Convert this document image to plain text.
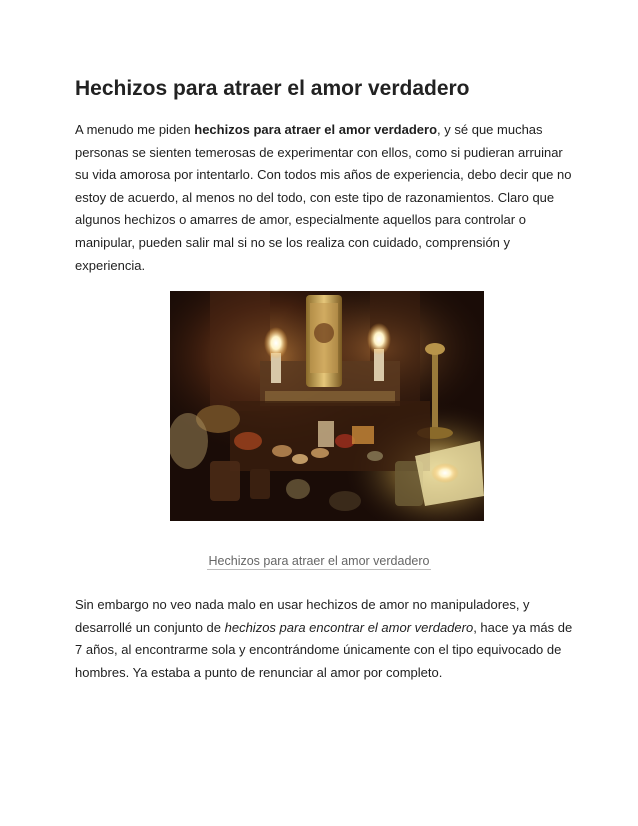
Hechizos para atraer el amor verdadero

A menudo me piden hechizos para atraer el amor verdadero, y sé que muchas personas se sienten temerosas de experimentar con ellos, como si pudieran arruinar su vida amorosa por intentarlo. Con todos mis años de experiencia, debo decir que no estoy de acuerdo, al menos no del todo, con este tipo de razonamientos. Claro que algunos hechizos o amarres de amor, especialmente aquellos para controlar o manipular, pueden salir mal si no se los realiza con cuidado, comprensión y experiencia.

Hechizos para atraer el amor verdadero

Sin embargo no veo nada malo en usar hechizos de amor no manipuladores, y desarrollé un conjunto de hechizos para encontrar el amor verdadero, hace ya más de 7 años, al encontrarme sola y encontrándome únicamente con el tipo equivocado de hombres. Ya estaba a punto de renunciar al amor por completo.
